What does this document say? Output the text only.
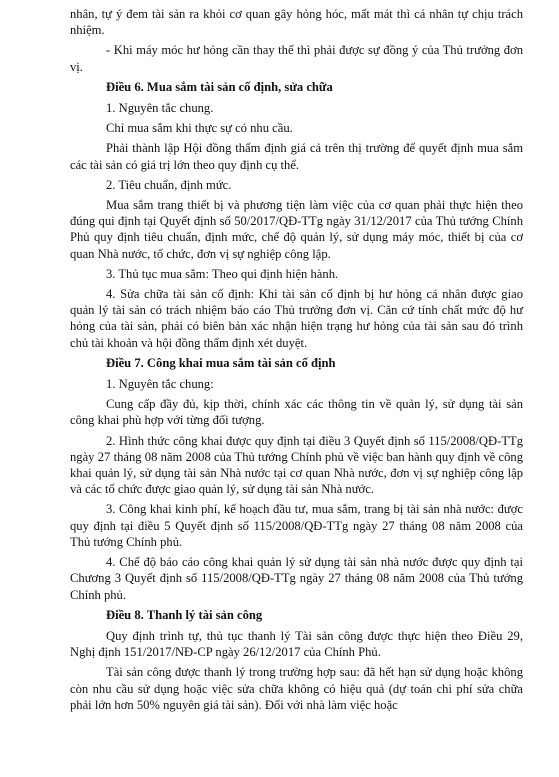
nhân, tự ý đem tài sản ra khỏi cơ quan gây hỏng hóc, mất mát thì cá nhân tự chịu trách nhiệm.

- Khi máy móc hư hỏng cần thay thế thì phải được sự đồng ý của Thủ trưởng đơn vị.

Điều 6. Mua sắm tài sản cố định, sửa chữa

1. Nguyên tắc chung.

Chỉ mua sắm khi thực sự có nhu cầu.

Phải thành lập Hội đồng thẩm định giá cả trên thị trường để quyết định mua sắm các tài sản có giá trị lớn theo quy định cụ thể.

2. Tiêu chuẩn, định mức.

Mua sắm trang thiết bị và phương tiện làm việc của cơ quan phải thực hiện theo đúng qui định tại Quyết định số 50/2017/QĐ-TTg ngày 31/12/2017 của Thủ tướng Chính Phủ quy định tiêu chuẩn, định mức, chế độ quản lý, sử dụng máy móc, thiết bị của cơ quan Nhà nước, tổ chức, đơn vị sự nghiệp công lập.

3. Thủ tục mua sắm: Theo qui định hiện hành.

4. Sửa chữa tài sản cố định: Khi tài sản cố định bị hư hỏng cá nhân được giao quản lý tài sản có trách nhiệm báo cáo Thủ trưởng đơn vị. Căn cứ tính chất mức độ hư hỏng của tài sản, phải có biên bản xác nhận hiện trạng hư hỏng của tài sản sau đó trình chủ tài khoản và hội đồng thẩm định xét duyệt.

Điều 7. Công khai mua sắm tài sản cố định

1. Nguyên tắc chung:

Cung cấp đầy đủ, kịp thời, chính xác các thông tin về quản lý, sử dụng tài sản công khai phù hợp với từng đối tượng.

2. Hình thức công khai được quy định tại điều 3 Quyết định số 115/2008/QĐ-TTg ngày 27 tháng 08 năm 2008 của Thủ tướng Chính phủ về việc ban hành quy định về công khai quản lý, sử dụng tài sản Nhà nước tại cơ quan Nhà nước, đơn vị sự nghiệp công lập và các tổ chức được giao quản lý, sử dụng tài sản Nhà nước.

3. Công khai kinh phí, kế hoạch đầu tư, mua sắm, trang bị tài sản nhà nước: được quy định tại điều 5 Quyết định số 115/2008/QĐ-TTg ngày 27 tháng 08 năm 2008 của Thủ tướng Chính phủ.

4. Chế độ báo cáo công khai quản lý sử dụng tài sản nhà nước được quy định tại Chương 3 Quyết định số 115/2008/QĐ-TTg ngày 27 tháng 08 năm 2008 của Thủ tướng Chính phủ.

Điều 8. Thanh lý tài sản công

Quy định trình tự, thủ tục thanh lý Tài sản công được thực hiện theo Điều 29, Nghị định 151/2017/NĐ-CP ngày 26/12/2017 của Chính Phủ.

Tài sản công được thanh lý trong trường hợp sau: đã hết hạn sử dụng hoặc không còn nhu cầu sử dụng hoặc việc sửa chữa không có hiệu quả (dự toán chi phí sửa chữa phải lớn hơn 50% nguyên giá tài sản). Đối với nhà làm việc hoặc
